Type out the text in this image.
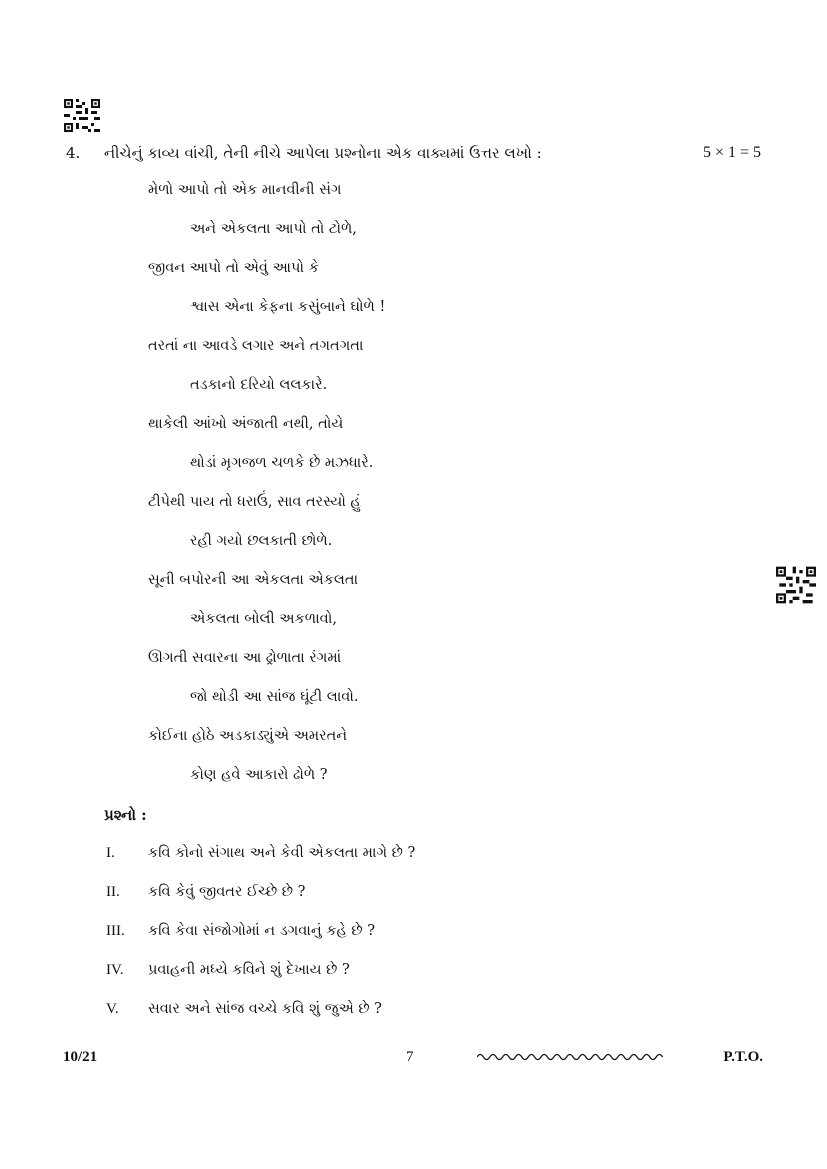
4. નીચેનું કાવ્ય વાંચી, તેની નીચે આપેલા પ્રશ્નોના એક વાક્યમાં ઉત્તર લખો :	5 × 1 = 5
મેળો આપો તો એક માનવીની સંગ
અને એકલતા આપો તો ટોળે,
જીવન આપો તો એવું આપો કે
શ્વાસ એના કેફના કસુંબાને ઘોળે !
તરતાં ના આવડે લગાર અને તગતગતા
તડકાનો દરિયો લલકારે.
થાકેલી આંખો અંજાતી નથી, તોયે
થોડાં મૃગજળ ચળકે છે મઝધારે.
ટીપેથી પાય તો ધરાઉં, સાવ તરસ્યો હું
રહી ગયો છલકાતી છોળે.
સૂની બપોરની આ એકલતા એકલતા
એકલતા બોલી અકળાવો,
ઊગતી સવારના આ ઢ્રોળાતા રંગમાં
જો થોડી આ સાંજ ઘૂંટી લાવો.
કોઈના હોઠે અડકાડ્યુંએ અમરતને
કોણ હવે આકારો ઢોળે ?
પ્રશ્નો :
I. કવિ કોનો સંગાથ અને કેવી એકલતા માગે છે ?
II. કવિ કેવું જીવતર ઈચ્છે છે ?
III. કવિ કેવા સંજોગોમાં ન ડગવાનું કહે છે ?
IV. પ્રવાહની મધ્યે કવિને શું દેખાય છે ?
V. સવાર અને સાંજ વચ્ચે કવિ શું જુએ છે ?
10/21	7	P.T.O.
